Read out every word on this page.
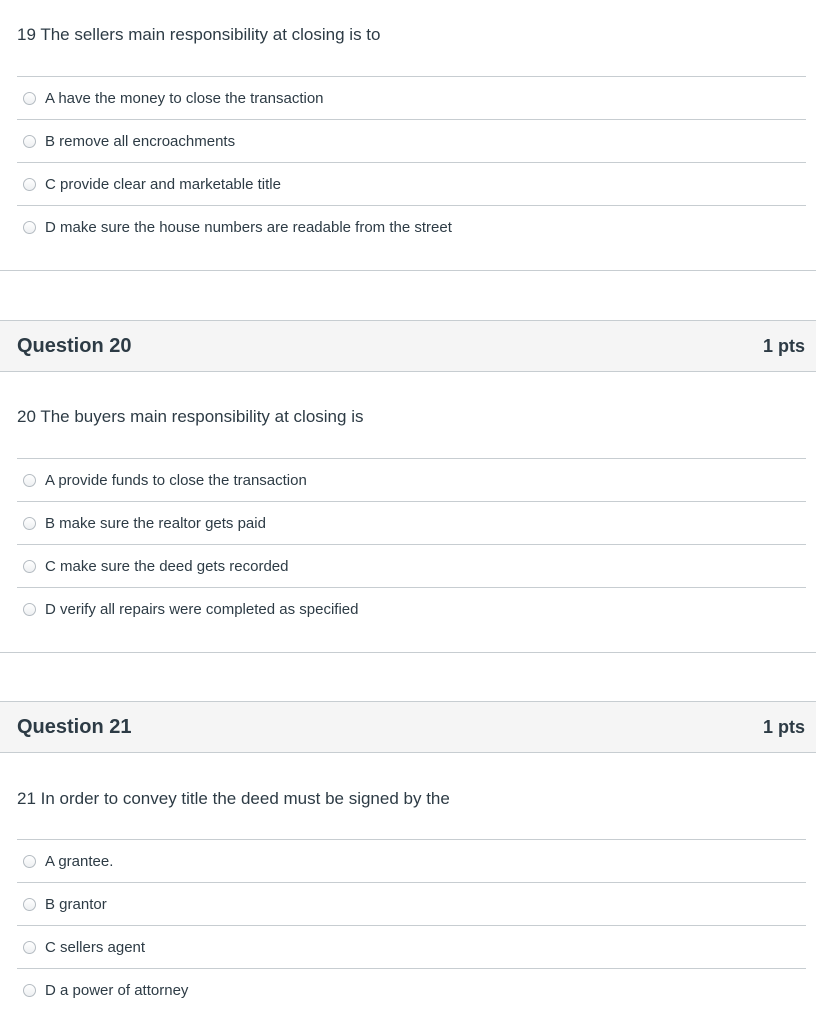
19 The sellers main responsibility at closing is to
A have the money to close the transaction
B remove all encroachments
C provide clear and marketable title
D make sure the house numbers are readable from the street
Question 20	1 pts
20 The buyers main responsibility at closing is
A provide funds to close the transaction
B make sure the realtor gets paid
C make sure the deed gets recorded
D verify all repairs were completed as specified
Question 21	1 pts
21 In order to convey title the deed must be signed by the
A grantee.
B grantor
C sellers agent
D a power of attorney
